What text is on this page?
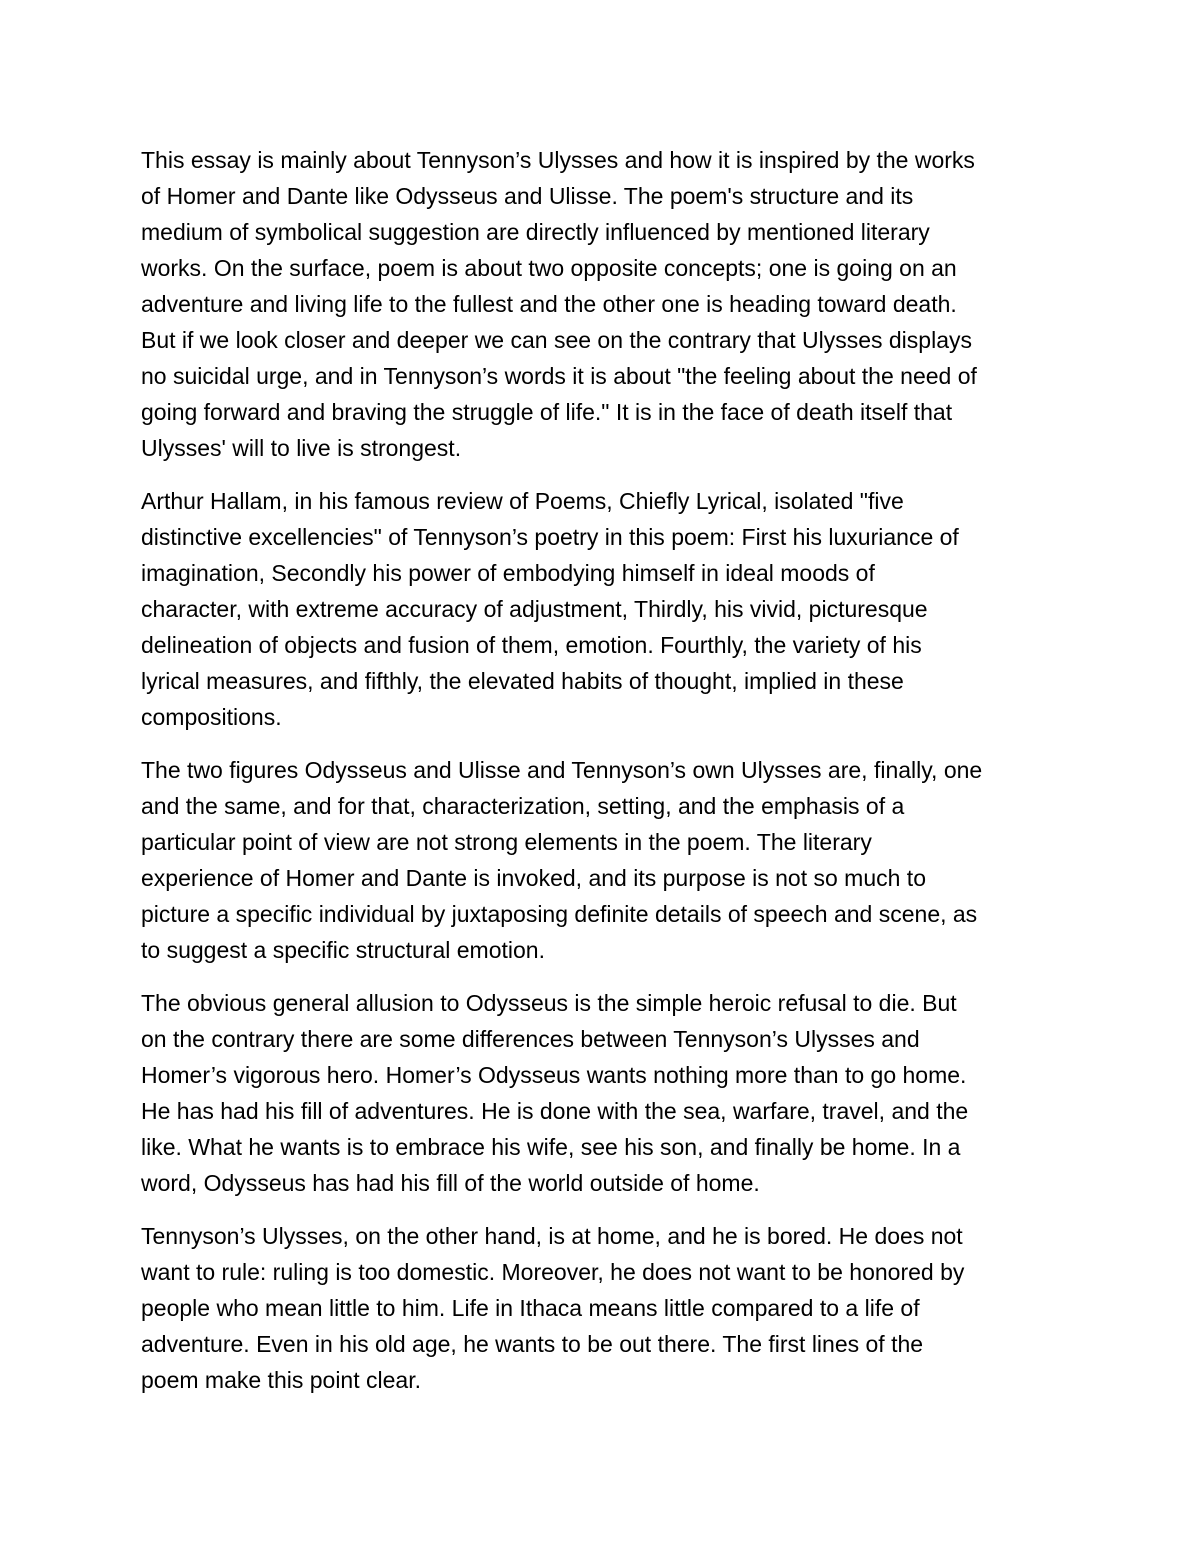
This essay is mainly about Tennyson’s Ulysses and how it is inspired by the works
of Homer and Dante like Odysseus and Ulisse. The poem's structure and its
medium of symbolical suggestion are directly influenced by mentioned literary
works. On the surface, poem is about two opposite concepts; one is going on an
adventure and living life to the fullest and the other one is heading toward death.
But if we look closer and deeper we can see on the contrary that Ulysses displays
no suicidal urge, and in Tennyson’s words it is about "the feeling about the need of
going forward and braving the struggle of life." It is in the face of death itself that
Ulysses' will to live is strongest.

Arthur Hallam, in his famous review of Poems, Chiefly Lyrical, isolated "five
distinctive excellencies" of Tennyson’s poetry in this poem: First his luxuriance of
imagination, Secondly his power of embodying himself in ideal moods of
character, with extreme accuracy of adjustment, Thirdly, his vivid, picturesque
delineation of objects and fusion of them, emotion. Fourthly, the variety of his
lyrical measures, and fifthly, the elevated habits of thought, implied in these
compositions.

The two figures Odysseus and Ulisse and Tennyson’s own Ulysses are, finally, one
and the same, and for that, characterization, setting, and the emphasis of a
particular point of view are not strong elements in the poem. The literary
experience of Homer and Dante is invoked, and its purpose is not so much to
picture a specific individual by juxtaposing definite details of speech and scene, as
to suggest a specific structural emotion.

The obvious general allusion to Odysseus is the simple heroic refusal to die. But
on the contrary there are some differences between Tennyson’s Ulysses and
Homer’s vigorous hero. Homer’s Odysseus wants nothing more than to go home.
He has had his fill of adventures. He is done with the sea, warfare, travel, and the
like. What he wants is to embrace his wife, see his son, and finally be home. In a
word, Odysseus has had his fill of the world outside of home.

Tennyson’s Ulysses, on the other hand, is at home, and he is bored. He does not
want to rule: ruling is too domestic. Moreover, he does not want to be honored by
people who mean little to him. Life in Ithaca means little compared to a life of
adventure. Even in his old age, he wants to be out there. The first lines of the
poem make this point clear.
